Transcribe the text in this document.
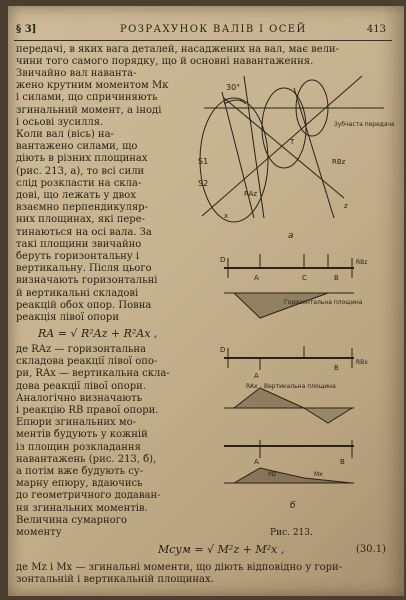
§ 3]	РОЗРАХУНОК ВАЛІВ І ОСЕЙ	413
передачі, в яких вага деталей, насаджених на вал, має вели-
чини того самого порядку, що й основні навантаження.
Звичайно вал наванта-
жено крутним моментом Mк
і силами, що спричиняють
згинальний момент, а іноді
і осьові зусилля.
Коли вал (вісь) на-
вантажено силами, що
діють в різних площинах
(рис. 213, а), то всі сили
слід розкласти на скла-
дові, що лежать у двох
взаємно перпендикуляр-
них площинах, які пере-
тинаються на осі вала. За
такі площини звичайно
беруть горизонтальну і
вертикальну. Після цього
визначають горизонтальні
й вертикальні складові
реакцій обох опор. Повна
реакція лівої опори
RA = √ R²Az + R²Ax ,
де RAz — горизонтальна
складова реакції лівої опо-
ри, RAx — вертикальна скла-
дова реакції лівої опори.
Аналогічно визначають
і реакцію RB правої опори.
Епюри згинальних мо-
ментів будують у кожній
із площин розкладання
навантажень (рис. 213, б),
а потім вже будують су-
марну епюру, вдаючись
до геометричного додаван-
ня згинальних моментів.
Величина сумарного
моменту
30°
Зубчаста передача
S1
S2
T
RAz
RBz
z
x
а
D
A	C	B
RBz
Горизонтальна площина
D
A
B
RAx
RBx
Вертикальна площина
A	B
Mz	Mx
б
Рис. 213.
Mсум = √ M²z + M²x ,	(30.1)
де Mz і Mx — згинальні моменти, що діють відповідно у гори-
зонтальній і вертикальній площинах.
